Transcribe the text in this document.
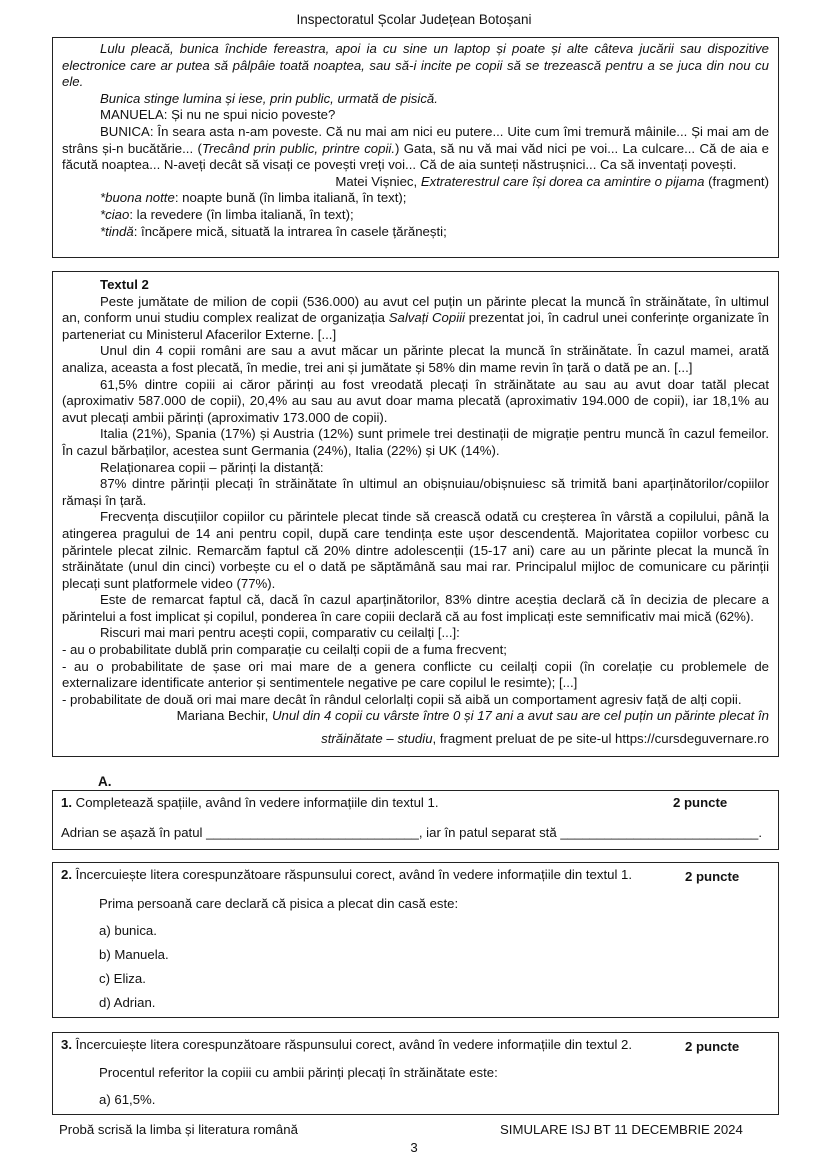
Inspectoratul Școlar Județean Botoșani

Lulu pleacă, bunica închide fereastra, apoi ia cu sine un laptop și poate și alte câteva jucării sau dispozitive electronice care ar putea să pâlpâie toată noaptea, sau să-i incite pe copii să se trezească pentru a se juca din nou cu ele.

Bunica stinge lumina și iese, prin public, urmată de pisică.

MANUELA: Și nu ne spui nicio poveste?

BUNICA: În seara asta n-am poveste. Că nu mai am nici eu putere... Uite cum îmi tremură mâinile... Și mai am de strâns și-n bucătărie... (Trecând prin public, printre copii.) Gata, să nu vă mai văd nici pe voi... La culcare... Că de aia e făcută noaptea... N-aveți decât să visați ce povești vreți voi... Că de aia sunteți năstrușnici... Ca să inventați povești.

Matei Vișniec, Extraterestrul care își dorea ca amintire o pijama (fragment)

*buona notte: noapte bună (în limba italiană, în text);

*ciao: la revedere (în limba italiană, în text);

*tindă: încăpere mică, situată la intrarea în casele țărănești;

Textul 2

Peste jumătate de milion de copii (536.000) au avut cel puțin un părinte plecat la muncă în străinătate, în ultimul an, conform unui studiu complex realizat de organizația Salvați Copiii prezentat joi, în cadrul unei conferințe organizate în parteneriat cu Ministerul Afacerilor Externe. [...]

Unul din 4 copii români are sau a avut măcar un părinte plecat la muncă în străinătate. În cazul mamei, arată analiza, aceasta a fost plecată, în medie, trei ani și jumătate și 58% din mame revin în țară o dată pe an. [...]

61,5% dintre copiii ai căror părinți au fost vreodată plecați în străinătate au sau au avut doar tatăl plecat (aproximativ 587.000 de copii), 20,4% au sau au avut doar mama plecată (aproximativ 194.000 de copii), iar 18,1% au avut plecați ambii părinți (aproximativ 173.000 de copii).

Italia (21%), Spania (17%) și Austria (12%) sunt primele trei destinații de migrație pentru muncă în cazul femeilor. În cazul bărbaților, acestea sunt Germania (24%), Italia (22%) și UK (14%).

Relaționarea copii – părinți la distanță:

87% dintre părinții plecați în străinătate în ultimul an obișnuiau/obișnuiesc să trimită bani aparținătorilor/copiilor rămași în țară.

Frecvența discuțiilor copiilor cu părintele plecat tinde să crească odată cu creșterea în vârstă a copilului, până la atingerea pragului de 14 ani pentru copil, după care tendința este ușor descendentă. Majoritatea copiilor vorbesc cu părintele plecat zilnic. Remarcăm faptul că 20% dintre adolescenții (15-17 ani) care au un părinte plecat la muncă în străinătate (unul din cinci) vorbește cu el o dată pe săptămână sau mai rar. Principalul mijloc de comunicare cu părinții plecați sunt platformele video (77%).

Este de remarcat faptul că, dacă în cazul aparținătorilor, 83% dintre aceștia declară că în decizia de plecare a părintelui a fost implicat și copilul, ponderea în care copiii declară că au fost implicați este semnificativ mai mică (62%).

Riscuri mai mari pentru acești copii, comparativ cu ceilalți [...]:

- au o probabilitate dublă prin comparație cu ceilalți copii de a fuma frecvent;

- au o probabilitate de șase ori mai mare de a genera conflicte cu ceilalți copii (în corelație cu problemele de externalizare identificate anterior și sentimentele negative pe care copilul le resimte); [...]

- probabilitate de două ori mai mare decât în rândul celorlalți copii să aibă un comportament agresiv față de alți copii.

Mariana Bechir, Unul din 4 copii cu vârste între 0 și 17 ani a avut sau are cel puțin un părinte plecat în

străinătate – studiu, fragment preluat de pe site-ul https://cursdeguvernare.ro

A.
1. Completează spațiile, având în vedere informațiile din textul 1.	2 puncte
Adrian se așază în patul _____________________________, iar în patul separat stă ___________________________.
2. Încercuiește litera corespunzătoare răspunsului corect, având în vedere informațiile din textul 1.	2 puncte
Prima persoană care declară că pisica a plecat din casă este:
a) bunica.
b) Manuela.
c) Eliza.
d) Adrian.
3. Încercuiește litera corespunzătoare răspunsului corect, având în vedere informațiile din textul 2.	2 puncte
Procentul referitor la copiii cu ambii părinți plecați în străinătate este:
a) 61,5%.
Probă scrisă la limba și literatura română	SIMULARE ISJ BT 11 DECEMBRIE 2024
3
